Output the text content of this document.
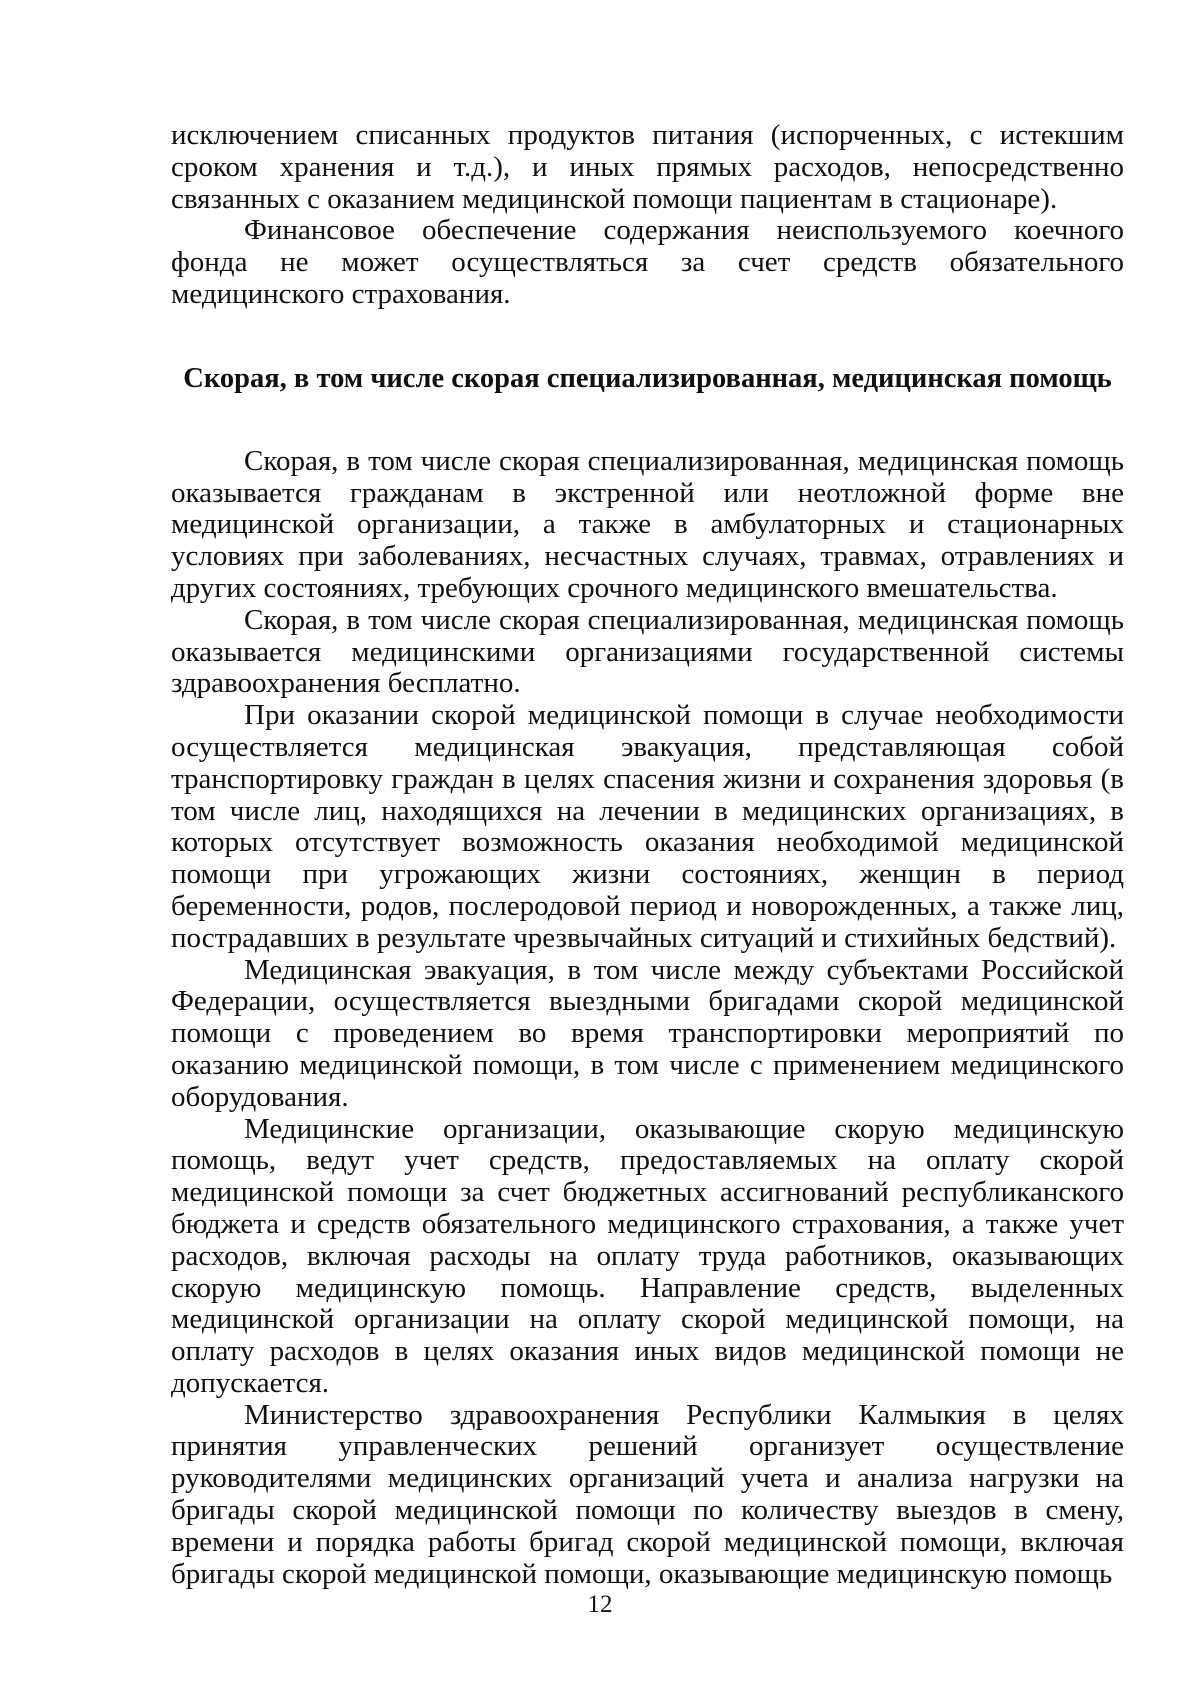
исключением списанных продуктов питания (испорченных, с истекшим сроком хранения и т.д.), и иных прямых расходов, непосредственно связанных с оказанием медицинской помощи пациентам в стационаре).

Финансовое обеспечение содержания неиспользуемого коечного фонда не может осуществляться за счет средств обязательного медицинского страхования.

Скорая, в том числе скорая специализированная, медицинская помощь

Скорая, в том числе скорая специализированная, медицинская помощь оказывается гражданам в экстренной или неотложной форме вне медицинской организации, а также в амбулаторных и стационарных условиях при заболеваниях, несчастных случаях, травмах, отравлениях и других состояниях, требующих срочного медицинского вмешательства.

Скорая, в том числе скорая специализированная, медицинская помощь оказывается медицинскими организациями государственной системы здравоохранения бесплатно.

При оказании скорой медицинской помощи в случае необходимости осуществляется медицинская эвакуация, представляющая собой транспортировку граждан в целях спасения жизни и сохранения здоровья (в том числе лиц, находящихся на лечении в медицинских организациях, в которых отсутствует возможность оказания необходимой медицинской помощи при угрожающих жизни состояниях, женщин в период беременности, родов, послеродовой период и новорожденных, а также лиц, пострадавших в результате чрезвычайных ситуаций и стихийных бедствий).

Медицинская эвакуация, в том числе между субъектами Российской Федерации, осуществляется выездными бригадами скорой медицинской помощи с проведением во время транспортировки мероприятий по оказанию медицинской помощи, в том числе с применением медицинского оборудования.

Медицинские организации, оказывающие скорую медицинскую помощь, ведут учет средств, предоставляемых на оплату скорой медицинской помощи за счет бюджетных ассигнований республиканского бюджета и средств обязательного медицинского страхования, а также учет расходов, включая расходы на оплату труда работников, оказывающих скорую медицинскую помощь. Направление средств, выделенных медицинской организации на оплату скорой медицинской помощи, на оплату расходов в целях оказания иных видов медицинской помощи не допускается.

Министерство здравоохранения Республики Калмыкия в целях принятия управленческих решений организует осуществление руководителями медицинских организаций учета и анализа нагрузки на бригады скорой медицинской помощи по количеству выездов в смену, времени и порядка работы бригад скорой медицинской помощи, включая бригады скорой медицинской помощи, оказывающие медицинскую помощь

12
